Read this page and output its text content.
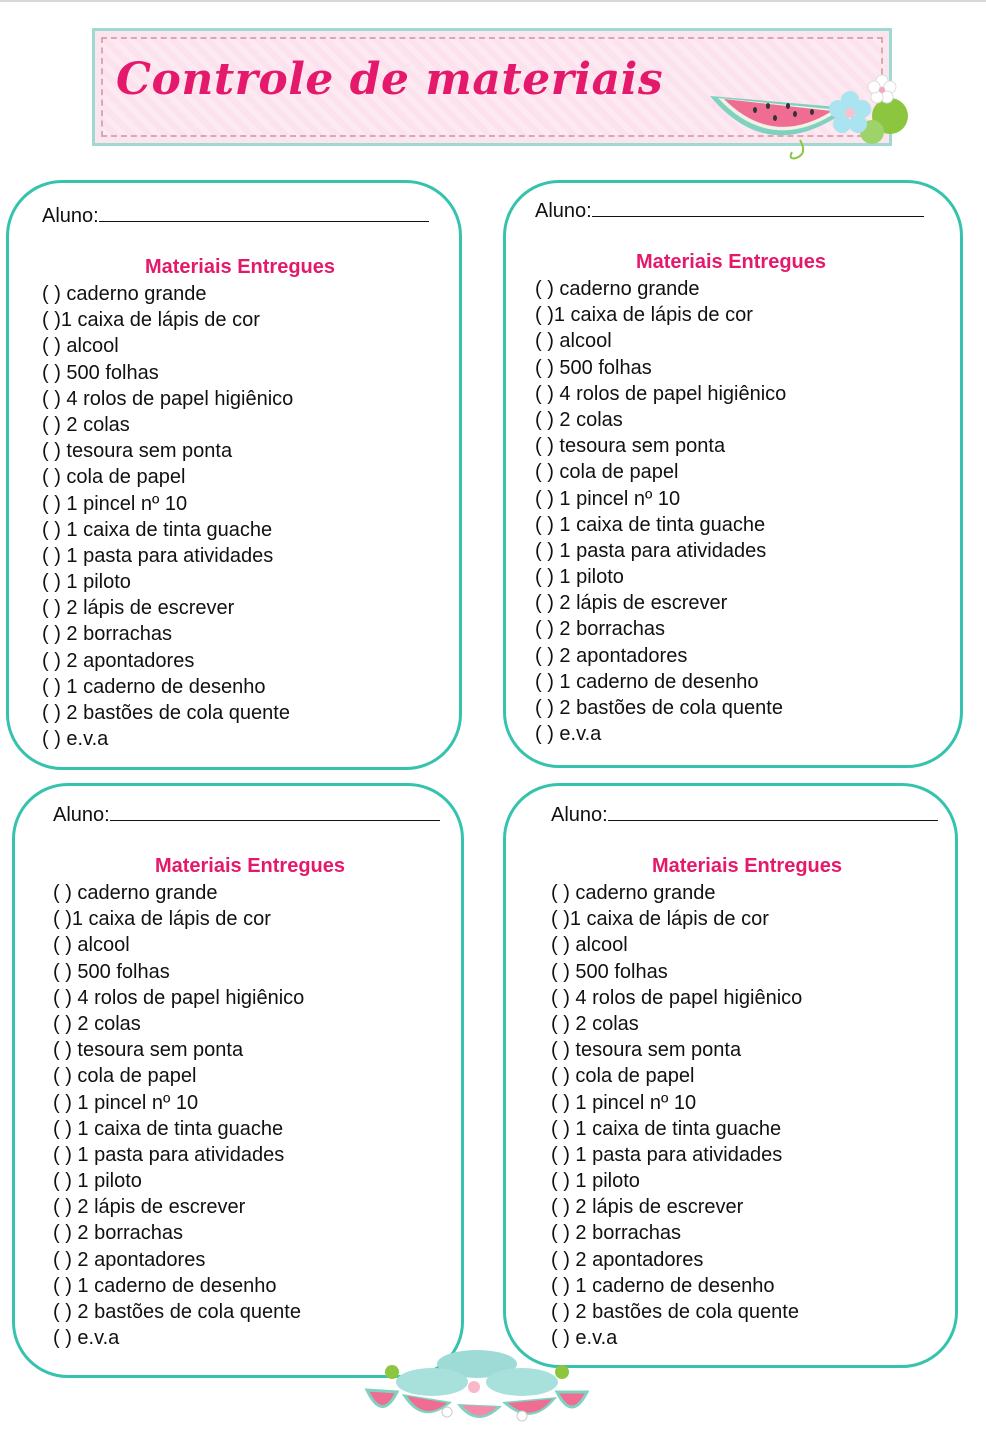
Controle de materiais
Aluno:
Materiais Entregues
( ) caderno grande
( )1 caixa de lápis de cor
( ) alcool
( ) 500 folhas
( ) 4 rolos de papel higiênico
( ) 2 colas
( ) tesoura sem ponta
( ) cola de papel
( ) 1 pincel nº 10
( ) 1 caixa de tinta guache
( ) 1 pasta para atividades
( ) 1 piloto
( ) 2 lápis de escrever
( ) 2 borrachas
( ) 2 apontadores
( ) 1 caderno de desenho
( ) 2 bastões de cola quente
( ) e.v.a
Aluno:
Materiais Entregues
( ) caderno grande
( )1 caixa de lápis de cor
( ) alcool
( ) 500 folhas
( ) 4 rolos de papel higiênico
( ) 2 colas
( ) tesoura sem ponta
( ) cola de papel
( ) 1 pincel nº 10
( ) 1 caixa de tinta guache
( ) 1 pasta para atividades
( ) 1 piloto
( ) 2 lápis de escrever
( ) 2 borrachas
( ) 2 apontadores
( ) 1 caderno de desenho
( ) 2 bastões de cola quente
( ) e.v.a
Aluno:
Materiais Entregues
( ) caderno grande
( )1 caixa de lápis de cor
( ) alcool
( ) 500 folhas
( ) 4 rolos de papel higiênico
( ) 2 colas
( ) tesoura sem ponta
( ) cola de papel
( ) 1 pincel nº 10
( ) 1 caixa de tinta guache
( ) 1 pasta para atividades
( ) 1 piloto
( ) 2 lápis de escrever
( ) 2 borrachas
( ) 2 apontadores
( ) 1 caderno de desenho
( ) 2 bastões de cola quente
( ) e.v.a
Aluno:
Materiais Entregues
( ) caderno grande
( )1 caixa de lápis de cor
( ) alcool
( ) 500 folhas
( ) 4 rolos de papel higiênico
( ) 2 colas
( ) tesoura sem ponta
( ) cola de papel
( ) 1 pincel nº 10
( ) 1 caixa de tinta guache
( ) 1 pasta para atividades
( ) 1 piloto
( ) 2 lápis de escrever
( ) 2 borrachas
( ) 2 apontadores
( ) 1 caderno de desenho
( ) 2 bastões de cola quente
( ) e.v.a
